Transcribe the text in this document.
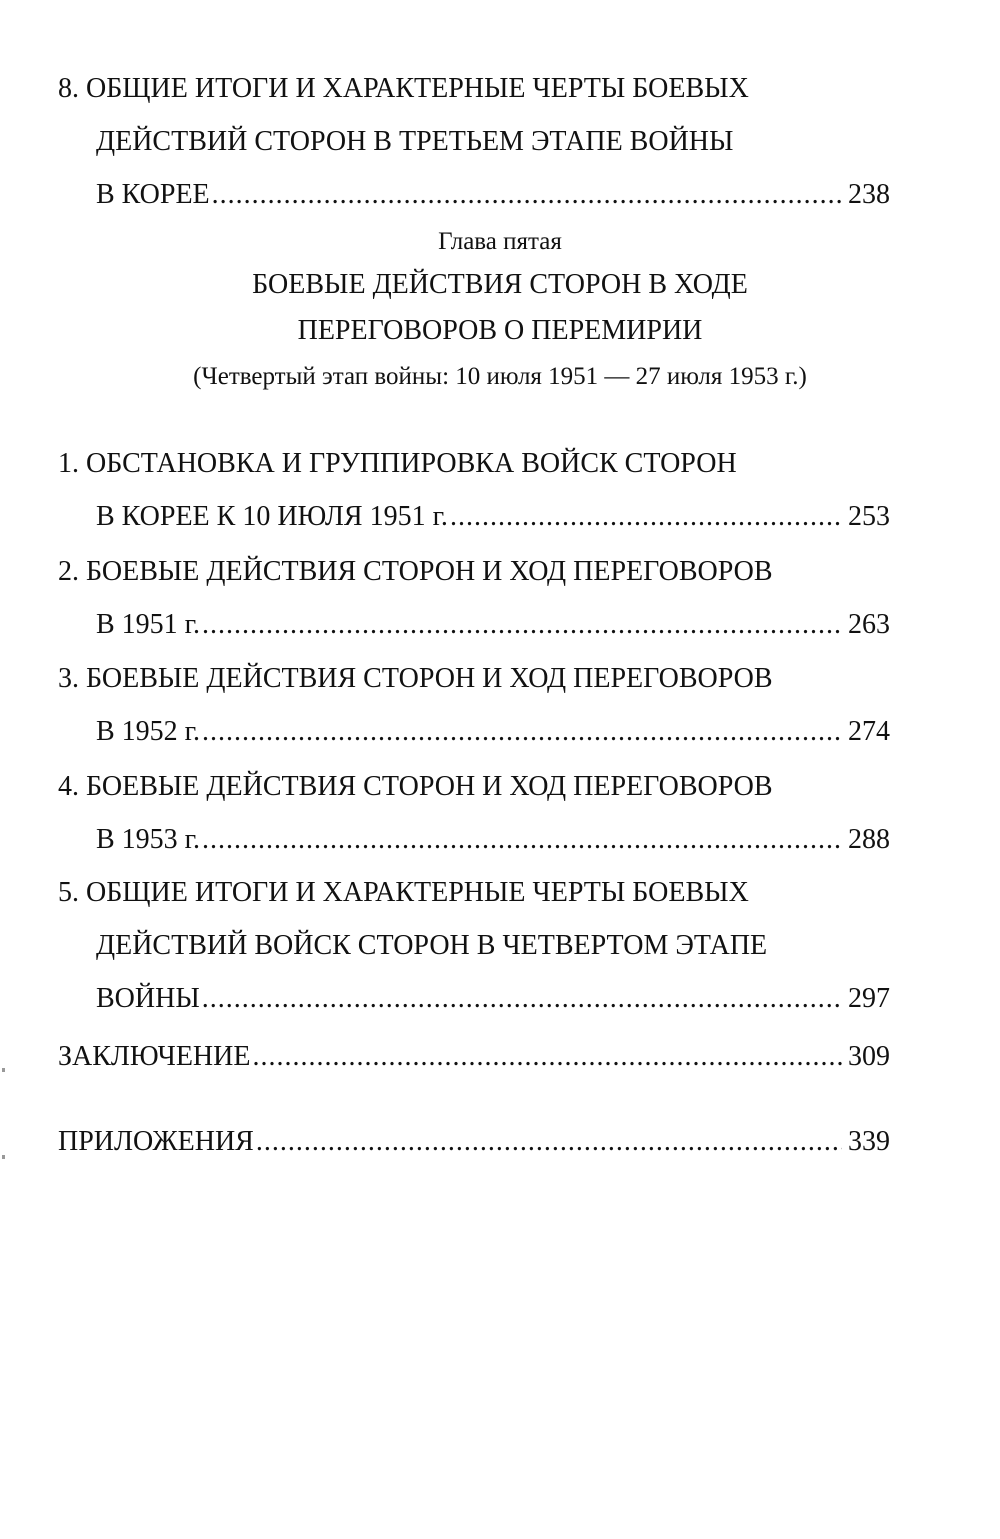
8. ОБЩИЕ ИТОГИ И ХАРАКТЕРНЫЕ ЧЕРТЫ БОЕВЫХ
ДЕЙСТВИЙ СТОРОН В ТРЕТЬЕМ ЭТАПЕ ВОЙНЫ
В КОРЕЕ .....	238
Глава пятая
БОЕВЫЕ ДЕЙСТВИЯ СТОРОН В ХОДЕ
ПЕРЕГОВОРОВ О ПЕРЕМИРИИ
(Четвертый этап войны: 10 июля 1951 — 27 июля 1953 г.)
1. ОБСТАНОВКА И ГРУППИРОВКА ВОЙСК СТОРОН
В КОРЕЕ К 10 ИЮЛЯ 1951 г. .....	253
2. БОЕВЫЕ ДЕЙСТВИЯ СТОРОН И ХОД ПЕРЕГОВОРОВ
В 1951 г. .....	263
3. БОЕВЫЕ ДЕЙСТВИЯ СТОРОН И ХОД ПЕРЕГОВОРОВ
В 1952 г. .....	274
4. БОЕВЫЕ ДЕЙСТВИЯ СТОРОН И ХОД ПЕРЕГОВОРОВ
В 1953 г. .....	288
5. ОБЩИЕ ИТОГИ И ХАРАКТЕРНЫЕ ЧЕРТЫ БОЕВЫХ
ДЕЙСТВИЙ ВОЙСК СТОРОН В ЧЕТВЕРТОМ ЭТАПЕ
ВОЙНЫ .....	297
ЗАКЛЮЧЕНИЕ .....	309
ПРИЛОЖЕНИЯ .....	339
